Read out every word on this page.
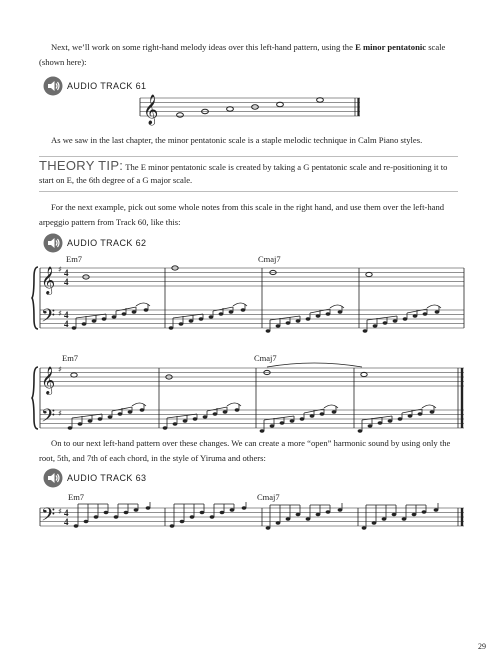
Next, we’ll work on some right-hand melody ideas over this left-hand pattern, using the E minor pentatonic scale (shown here):

AUDIO TRACK 61
𝄞

As we saw in the last chapter, the minor pentatonic scale is a staple melodic technique in Calm Piano styles.

THEORY TIP: The E minor pentatonic scale is created by taking a G pentatonic scale and re-positioning it to start on E, the 6th degree of a G major scale.

For the next example, pick out some whole notes from this scale in the right hand, and use them over the left-hand arpeggio pattern from Track 60, like this:

AUDIO TRACK 62
Em7	Cmaj7
𝄞
𝄢
♯
♯
4
4
4
4
Em7	Cmaj7
𝄞
𝄢
♯
♯

On to our next left-hand pattern over these changes. We can create a more “open” harmonic sound by using only the root, 5th, and 7th of each chord, in the style of Yiruma and others:

AUDIO TRACK 63
Em7	Cmaj7
𝄢 ♯ 4
4
29
